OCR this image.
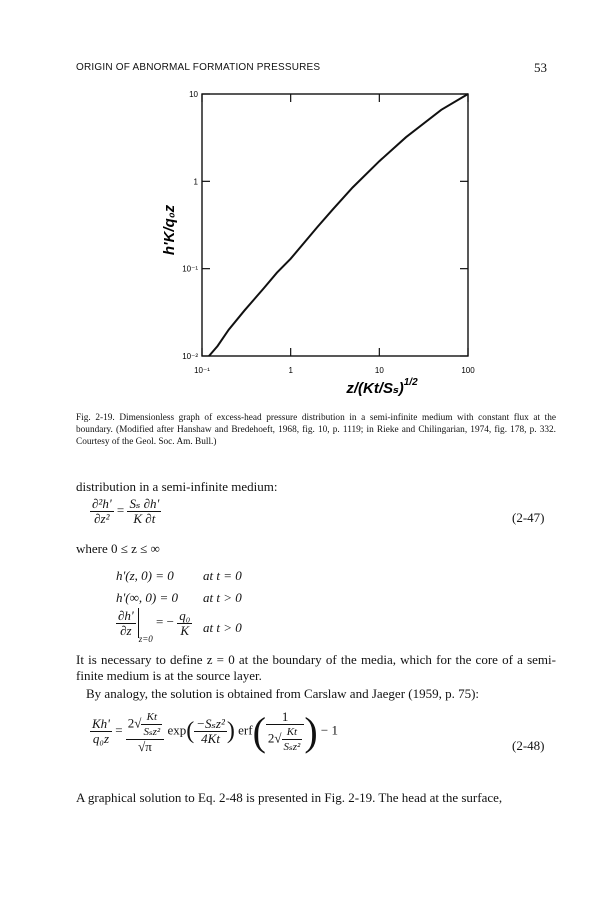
ORIGIN OF ABNORMAL FORMATION PRESSURES	53
10⁻¹	1	10	100
10⁻²
10⁻¹
1
10
h'K/q₀z
$z/(Kt/S_s)^{1/2}$
Fig. 2-19. Dimensionless graph of excess-head pressure distribution in a semi-infinite medium with constant flux at the boundary. (Modified after Hanshaw and Bredehoeft, 1968, fig. 10, p. 1119; in Rieke and Chilingarian, 1974, fig. 178, p. 332. Courtesy of the Geol. Soc. Am. Bull.)
distribution in a semi-infinite medium:
$\frac{\text{∂²h'}}{\text{∂z²}} = \frac{\text{Sₛ ∂h'}}{K \partial t}$	(2-47)
where 0 ≤ z ≤ ∞
h'(z, 0) = 0 at t = 0
h'(∞, 0) = 0 at t > 0
$\frac{\partial h'}{\partial z}$
$_{z=0}$ = − $\frac{\text{q₀}}{K}$ at t > 0
It is necessary to define z = 0 at the boundary of the media, which for the core of a semi-finite medium is at the source layer.
By analogy, the solution is obtained from Carslaw and Jaeger (1959, p. 75):
$\frac{Kh'}{\text{q₀z}} = \frac{2√ \frac{Kt}{\text{Sₛz²}}}{√\pi} \exp( \frac{\text{−Sₛz²}}{4Kt}$ ) $erf( \frac{1}{2√ \frac{Kt}{\text{Sₛz²}}}$ ) − 1
(2-48)
A graphical solution to Eq. 2-48 is presented in Fig. 2-19. The head at the surface,
